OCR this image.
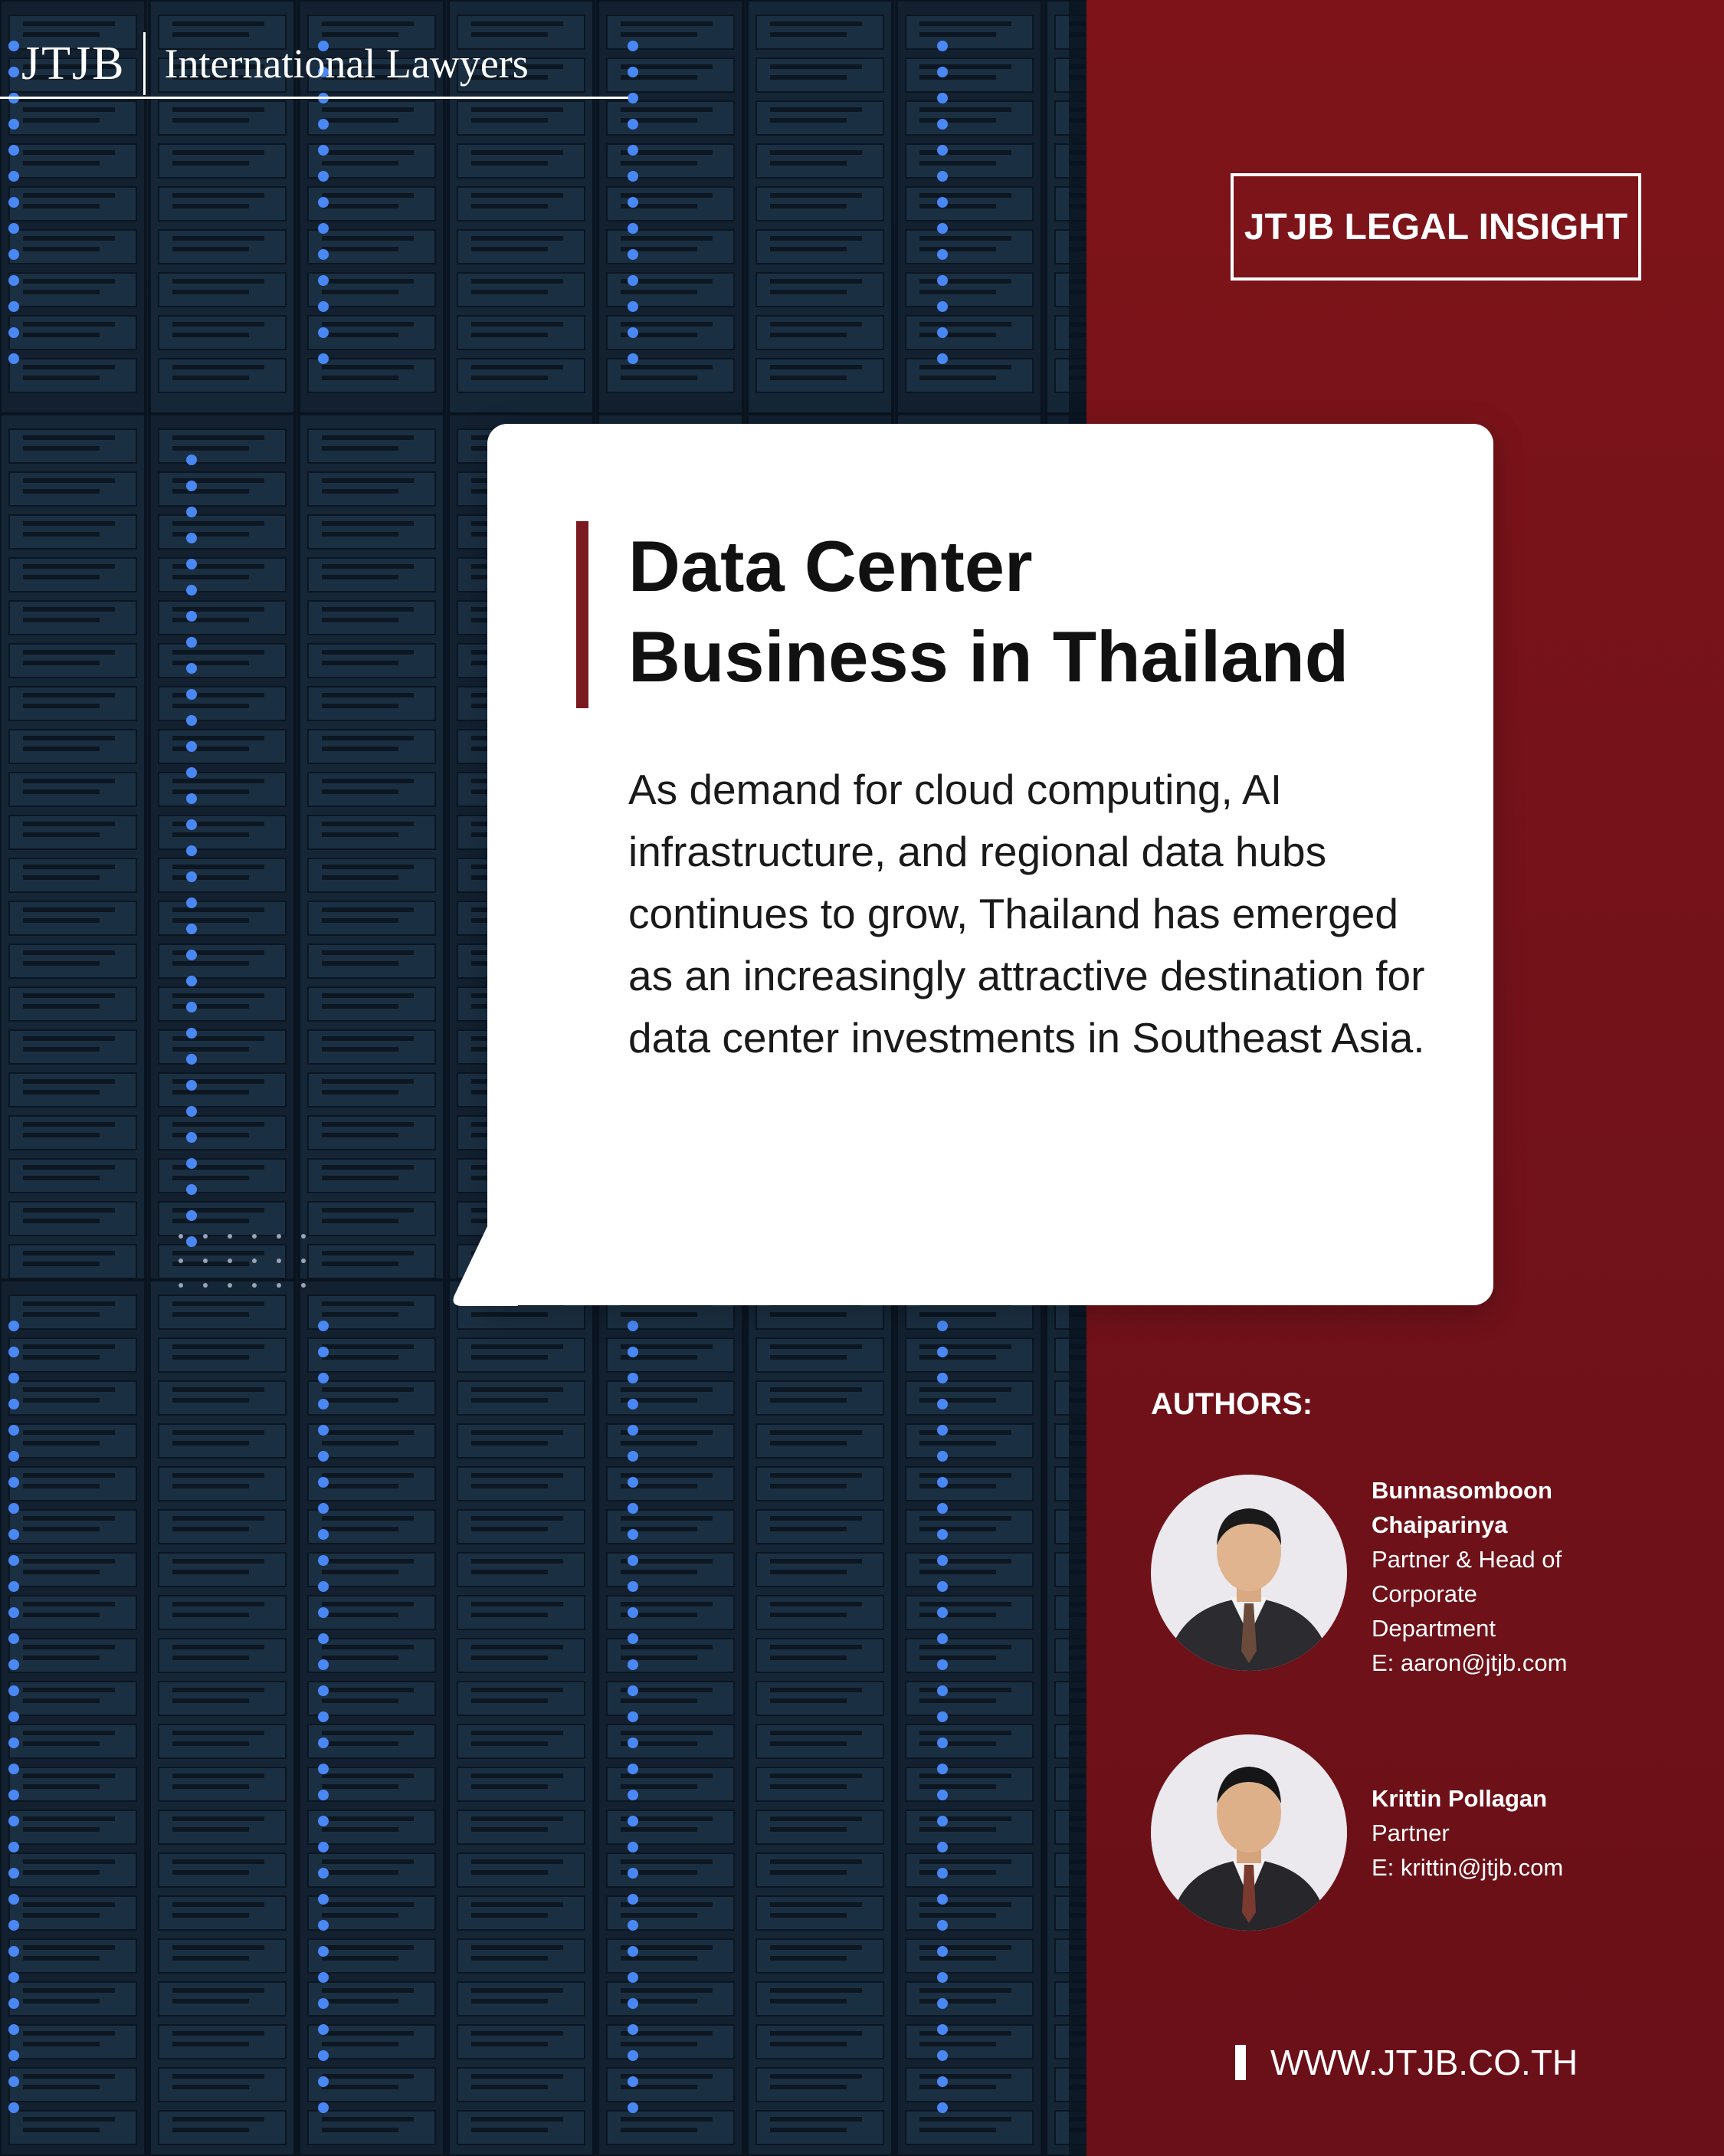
JTJB International Lawyers
JTJB LEGAL INSIGHT
Data Center
Business in Thailand

As demand for cloud computing, AI infrastructure, and regional data hubs continues to grow, Thailand has emerged as an increasingly attractive destination for data center investments in Southeast Asia.

AUTHORS:
Bunnasomboon
Chaiparinya
Partner & Head of
Corporate
Department
E: aaron@jtjb.com
Krittin Pollagan
Partner
E: krittin@jtjb.com
WWW.JTJB.CO.TH
